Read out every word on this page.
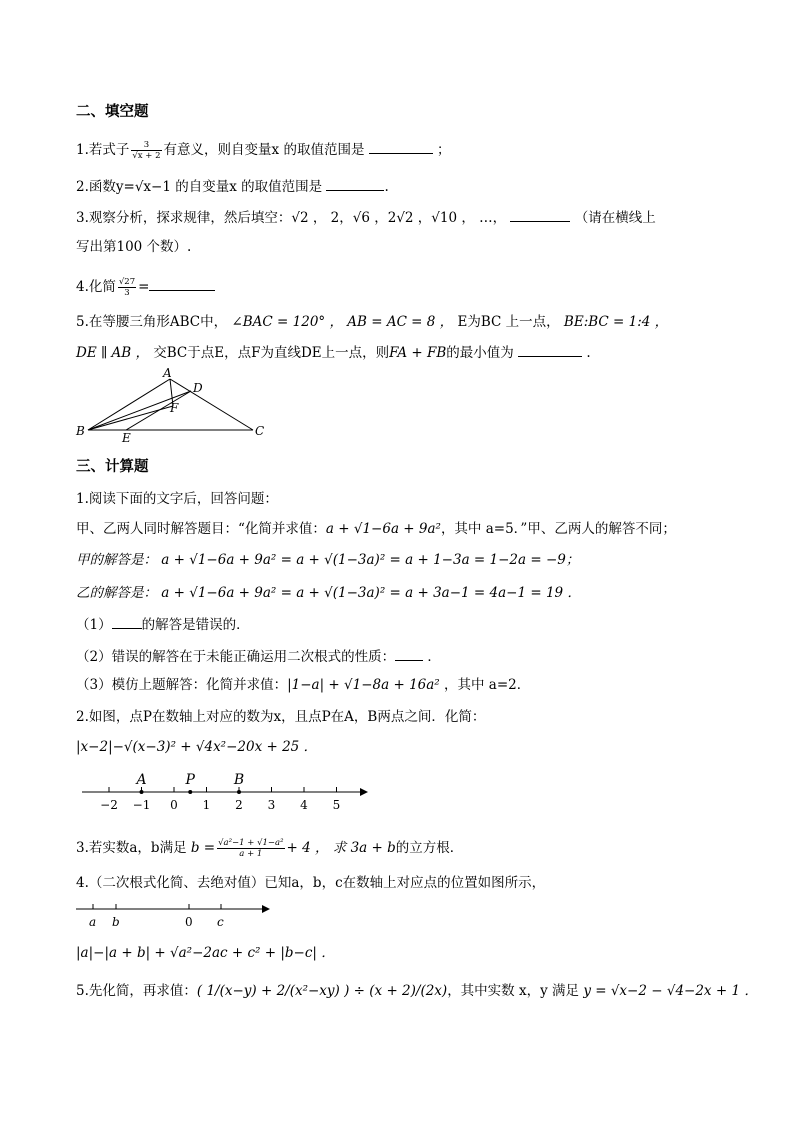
二、填空题
1.若式子 $\frac{3}{√x + 2}$ 有意义，则自变量x 的取值范围是	；
2.函数y=√x−1 的自变量x 的取值范围是	.
3.观察分析，探求规律，然后填空：√2 ， 2，√6 ，2√2 ，√10 ， …，	（请在横线上
写出第100 个数）.
4.化简 $\frac{√27}{3}$ =
5.在等腰三角形ABC中， ∠BAC = 120° ， AB = AC = 8 ， E为BC 上一点， BE:BC = 1:4 ，
DE ∥ AB ， 交BC于点E，点F为直线DE上一点，则FA + FB的最小值为	.
A
D
F
B	E	C
三、计算题
1.阅读下面的文字后，回答问题：
甲、乙两人同时解答题目：“化简并求值：a + √1−6a + 9a²，其中 a=5．”甲、乙两人的解答不同；
甲的解答是： a + √1−6a + 9a² = a + √(1−3a)² = a + 1−3a = 1−2a = −9；
乙的解答是： a + √1−6a + 9a² = a + √(1−3a)² = a + 3a−1 = 4a−1 = 19 ．
（1） 的解答是错误的．
（2）错误的解答在于未能正确运用二次根式的性质： ．
（3）模仿上题解答：化简并求值：|1−a| + √1−8a + 16a² ，其中 a=2．
2.如图，点P在数轴上对应的数为x，且点P在A，B两点之间．化简：
|x−2|−√(x−3)² + √4x²−20x + 25 ．
−2 −1 0 1 2 3 4 5
A	P	B
3.若实数a，b满足 $b = \frac{\text{√a²−1 + √1−a²}}{a + 1} + 4$ ， 求 3a + b的立方根．
4.（二次根式化简、去绝对值）已知a，b，c在数轴上对应点的位置如图所示，
a b	0 c
|a|−|a + b| + √a²−2ac + c² + |b−c| ．
5.先化简，再求值：( 1/(x−y) + 2/(x²−xy) ) ÷ (x + 2)/(2x)，其中实数 x，y 满足 y = √x−2 − √4−2x + 1 ．
